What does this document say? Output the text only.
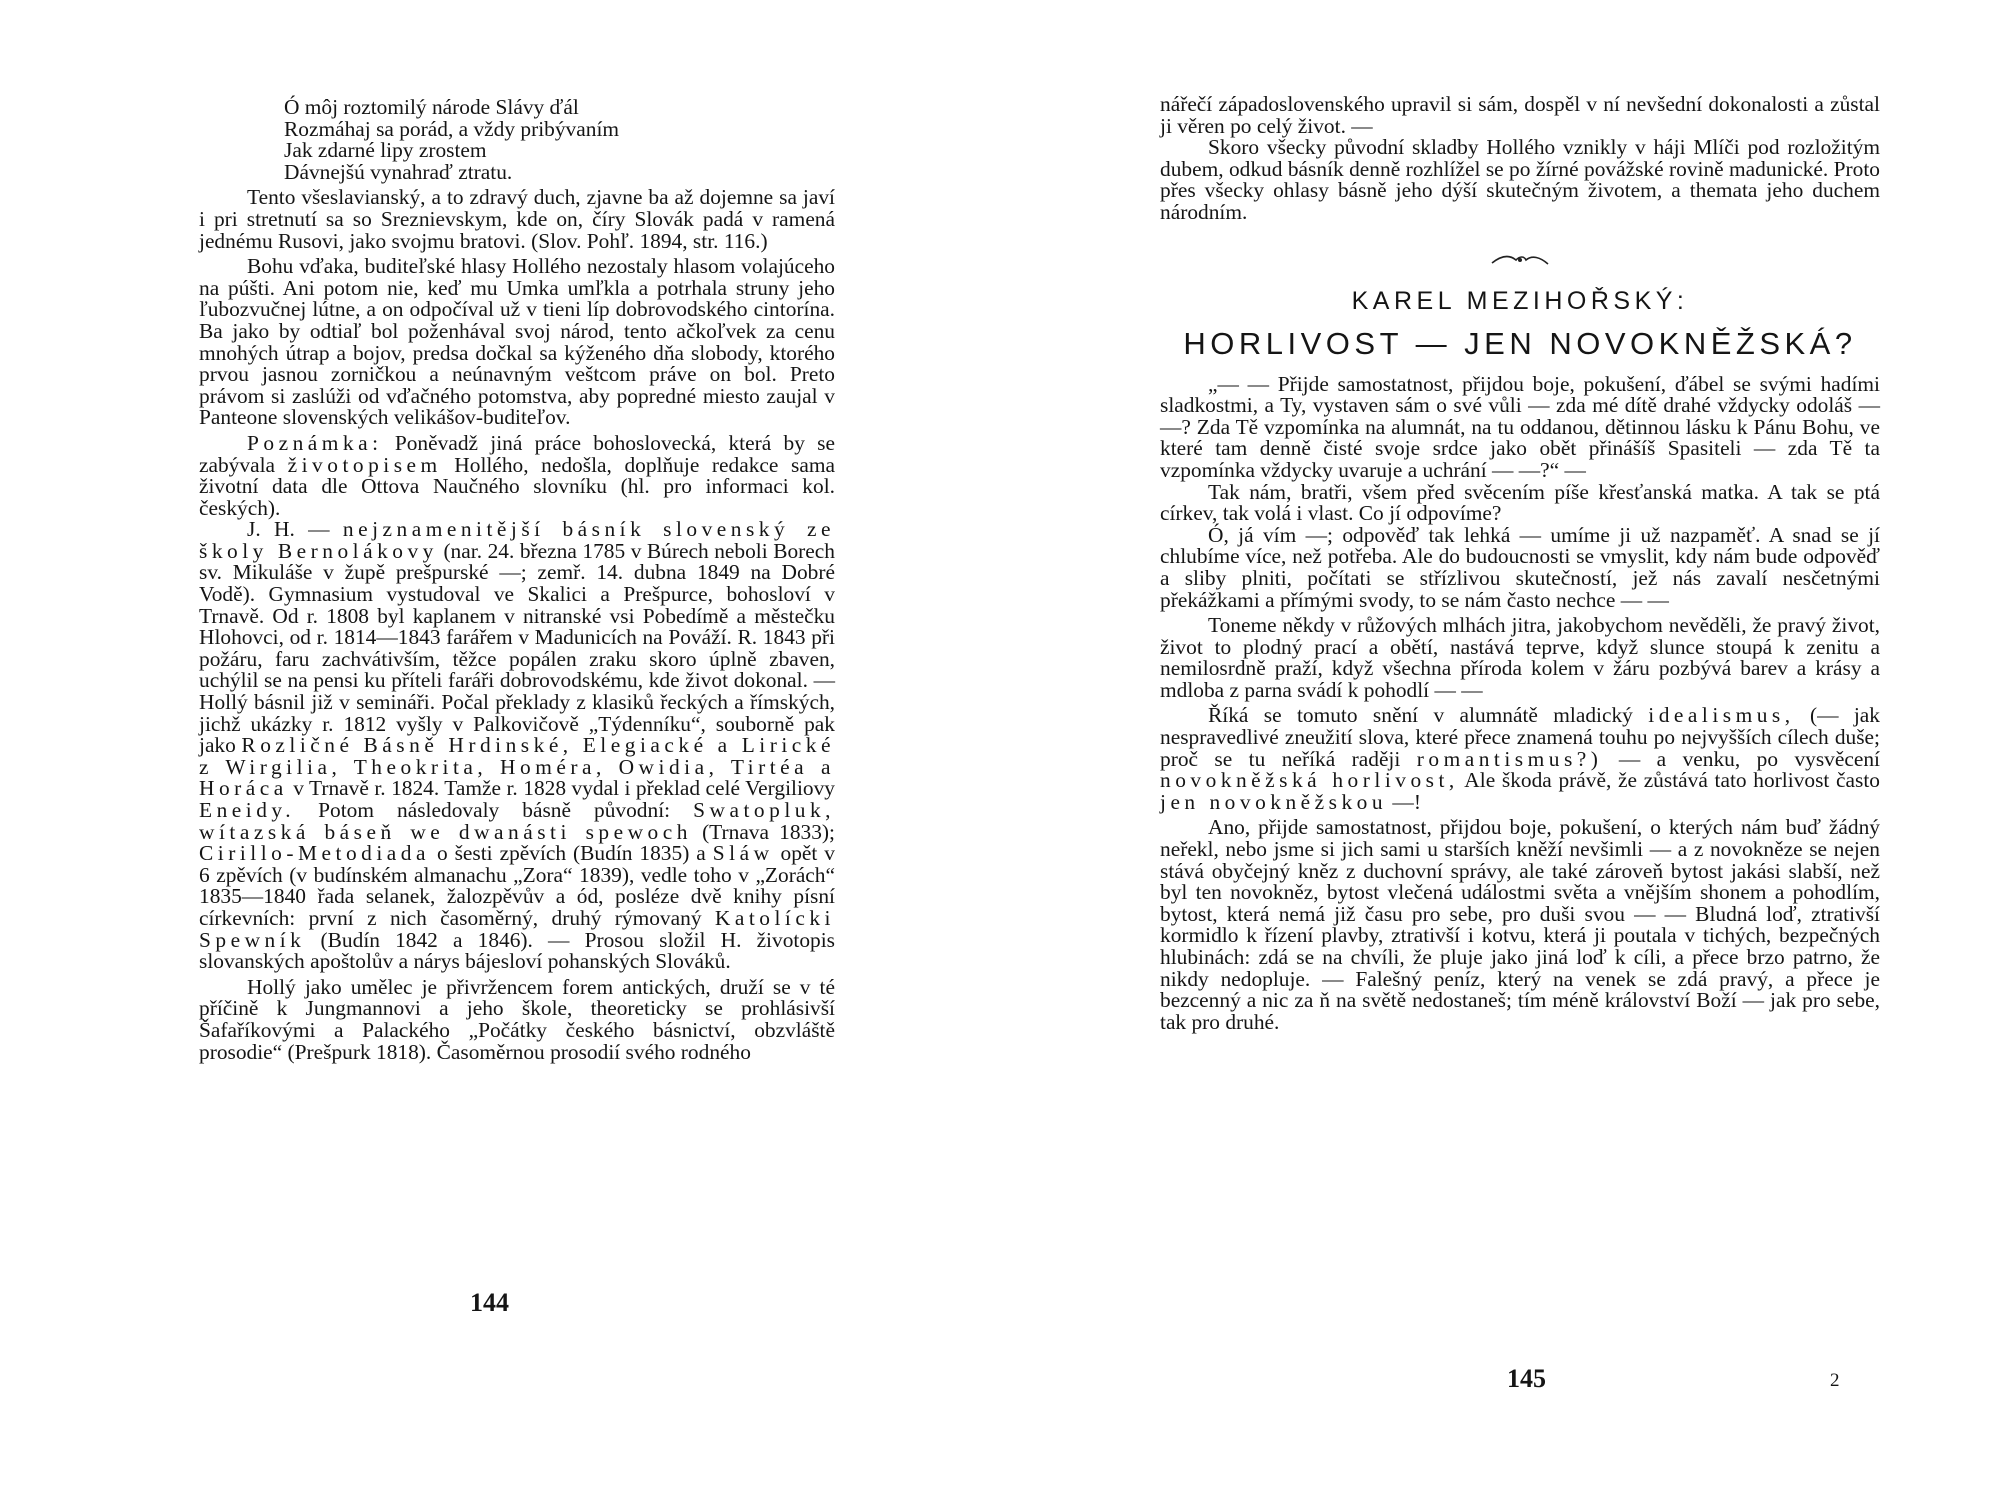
Ó môj roztomilý národe Slávy ďál
Rozmáhaj sa porád, a vždy pribývaním
Jak zdarné lipy zrostem
Dávnejšú vynahraď ztratu.

Tento všeslavianský, a to zdravý duch, zjavne ba až dojemne sa javí i pri stretnutí sa so Sreznievskym, kde on, číry Slovák padá v ramená jednému Rusovi, jako svojmu bratovi. (Slov. Pohľ. 1894, str. 116.)

Bohu vďaka, buditeľské hlasy Hollého nezostaly hlasom volajúceho na púšti. Ani potom nie, keď mu Umka umľkla a potrhala struny jeho ľubozvučnej lútne, a on odpočíval už v tieni líp dobrovodského cintorína. Ba jako by odtiaľ bol poženhával svoj národ, tento ačkoľvek za cenu mnohých útrap a bojov, predsa dočkal sa kýženého dňa slobody, ktorého prvou jasnou zorničkou a neúnavným veštcom práve on bol. Preto právom si zaslúži od vďačného potomstva, aby popredné miesto zaujal v Panteone slovenských velikášov-buditeľov.

Poznámka: Poněvadž jiná práce bohoslovecká, která by se zabývala životopisem Hollého, nedošla, doplňuje redakce sama životní data dle Ottova Naučného slovníku (hl. pro informaci kol. českých).

J. H. — nejznamenitější básník slovenský ze školy Bernolákovy (nar. 24. března 1785 v Búrech neboli Borech sv. Mikuláše v župě prešpurské —; zemř. 14. dubna 1849 na Dobré Vodě). Gymnasium vystudoval ve Skalici a Prešpurce, bohosloví v Trnavě. Od r. 1808 byl kaplanem v nitranské vsi Pobedímě a městečku Hlohovci, od r. 1814—1843 farářem v Madunicích na Pováží. R. 1843 při požáru, faru zachvátivším, těžce popálen zraku skoro úplně zbaven, uchýlil se na pensi ku příteli faráři dobrovodskému, kde život dokonal. — Hollý básnil již v semináři. Počal překlady z klasiků řeckých a římských, jichž ukázky r. 1812 vyšly v Palkovičově „Týdenníku“, souborně pak jako Rozličné Básně Hrdinské, Elegiacké a Lirické z Wirgilia, Theokrita, Homéra, Owidia, Tirtéa a Horáca v Trnavě r. 1824. Tamže r. 1828 vydal i překlad celé Vergiliovy Eneidy. Potom následovaly básně původní: Swatopluk, wítazská báseň we dwanásti spewoch (Trnava 1833); Cirillo-Metodiada o šesti zpěvích (Budín 1835) a Sláw opět v 6 zpěvích (v budínském almanachu „Zora“ 1839), vedle toho v „Zorách“ 1835—1840 řada selanek, žalozpěvův a ód, posléze dvě knihy písní církevních: první z nich časoměrný, druhý rýmovaný Katolícki Spewník (Budín 1842 a 1846). — Prosou složil H. životopis slovanských apoštolův a nárys bájesloví pohanských Slováků.

Hollý jako umělec je přivržencem forem antických, druží se v té příčině k Jungmannovi a jeho škole, theoreticky se prohlásivší Šafaříkovými a Palackého „Počátky českého básnictví, obzvláště prosodie“ (Prešpurk 1818). Časoměrnou prosodií svého rodného

144

nářečí západoslovenského upravil si sám, dospěl v ní nevšední dokonalosti a zůstal ji věren po celý život. —

Skoro všecky původní skladby Hollého vznikly v háji Mlíči pod rozložitým dubem, odkud básník denně rozhlížel se po žírné povážské rovině madunické. Proto přes všecky ohlasy básně jeho dýší skutečným životem, a themata jeho duchem národním.

KAREL MEZIHOŘSKÝ:
HORLIVOST — JEN NOVOKNĚŽSKÁ?

„— — Přijde samostatnost, přijdou boje, pokušení, ďábel se svými hadími sladkostmi, a Ty, vystaven sám o své vůli — zda mé dítě drahé vždycky odoláš — —? Zda Tě vzpomínka na alumnát, na tu oddanou, dětinnou lásku k Pánu Bohu, ve které tam denně čisté svoje srdce jako obět přinášíš Spasiteli — zda Tě ta vzpomínka vždycky uvaruje a uchrání — —?“ —

Tak nám, bratři, všem před svěcením píše křesťanská matka. A tak se ptá církev, tak volá i vlast. Co jí odpovíme?

Ó, já vím —; odpověď tak lehká — umíme ji už nazpaměť. A snad se jí chlubíme více, než potřeba. Ale do budoucnosti se vmyslit, kdy nám bude odpověď a sliby plniti, počítati se střízlivou skutečností, jež nás zavalí nesčetnými překážkami a přímými svody, to se nám často nechce — —

Toneme někdy v růžových mlhách jitra, jakobychom nevěděli, že pravý život, život to plodný prací a obětí, nastává teprve, když slunce stoupá k zenitu a nemilosrdně praží, když všechna příroda kolem v žáru pozbývá barev a krásy a mdloba z parna svádí k pohodlí — —

Říká se tomuto snění v alumnátě mladický idealismus, (— jak nespravedlivé zneužití slova, které přece znamená touhu po nejvyšších cílech duše; proč se tu neříká raději romantismus?) — a venku, po vysvěcení novokněžská horlivost, Ale škoda právě, že zůstává tato horlivost často jen novokněžskou —!

Ano, přijde samostatnost, přijdou boje, pokušení, o kterých nám buď žádný neřekl, nebo jsme si jich sami u starších kněží nevšimli — a z novokněze se nejen stává obyčejný kněz z duchovní správy, ale také zároveň bytost jakási slabší, než byl ten novokněz, bytost vlečená událostmi světa a vnějším shonem a pohodlím, bytost, která nemá již času pro sebe, pro duši svou — — Bludná loď, ztrativší kormidlo k řízení plavby, ztrativší i kotvu, která ji poutala v tichých, bezpečných hlubinách: zdá se na chvíli, že pluje jako jiná loď k cíli, a přece brzo patrno, že nikdy nedopluje. — Falešný peníz, který na venek se zdá pravý, a přece je bezcenný a nic za ň na světě nedostaneš; tím méně království Boží — jak pro sebe, tak pro druhé.

145	2
